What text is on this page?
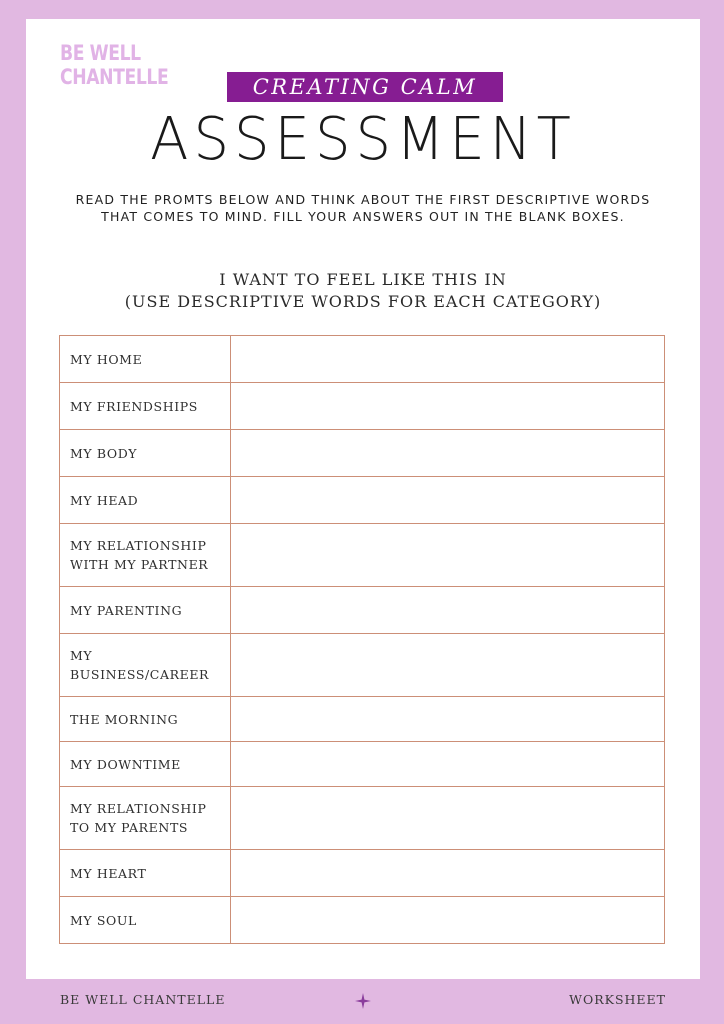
BE WELL
CHANTELLE	CREATING CALM
ASSESSMENT
READ THE PROMTS BELOW AND THINK ABOUT THE FIRST DESCRIPTIVE WORDS THAT COMES TO MIND. FILL YOUR ANSWERS OUT IN THE BLANK BOXES.
I WANT TO FEEL LIKE THIS IN
(USE DESCRIPTIVE WORDS FOR EACH CATEGORY)
MY HOME	

MY FRIENDSHIPS	

MY BODY	

MY HEAD	

MY RELATIONSHIP
WITH MY PARTNER	

MY PARENTING	

MY
BUSINESS/CAREER	

THE MORNING	

MY DOWNTIME	

MY RELATIONSHIP
TO MY PARENTS	

MY HEART	

MY SOUL	

BE WELL CHANTELLE	WORKSHEET
